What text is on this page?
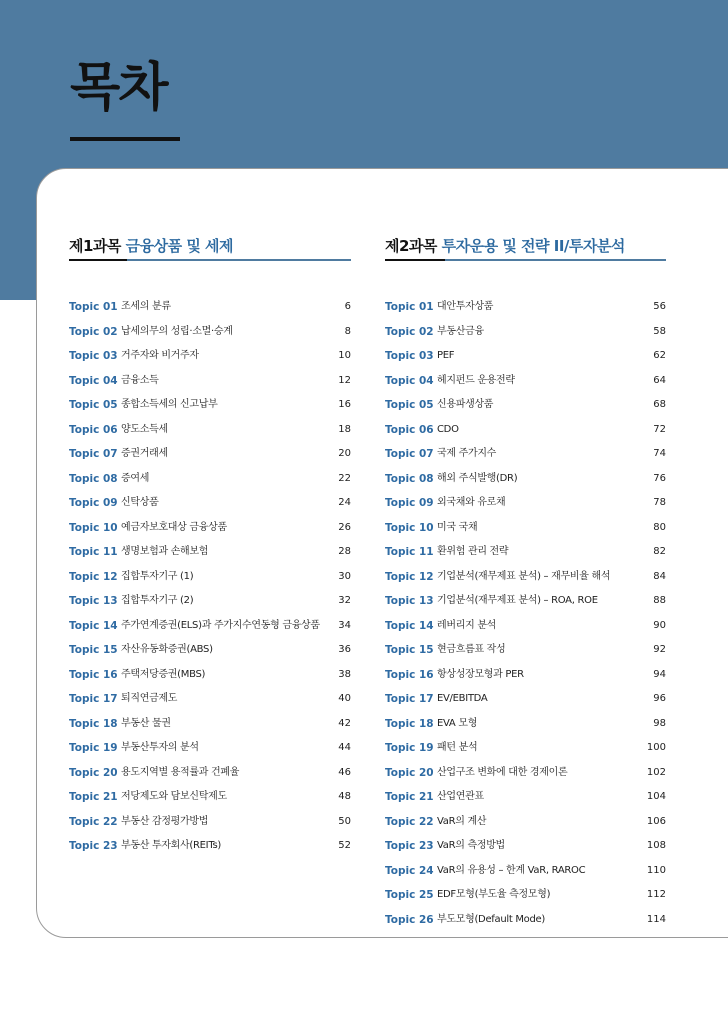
목차
제1과목 금융상품 및 세제
Topic 01 조세의 분류	6
Topic 02 납세의무의 성립·소멸·승계	8
Topic 03 거주자와 비거주자	10
Topic 04 금융소득	12
Topic 05 종합소득세의 신고납부	16
Topic 06 양도소득세	18
Topic 07 증권거래세	20
Topic 08 증여세	22
Topic 09 신탁상품	24
Topic 10 예금자보호대상 금융상품	26
Topic 11 생명보험과 손해보험	28
Topic 12 집합투자기구 (1)	30
Topic 13 집합투자기구 (2)	32
Topic 14 주가연계증권(ELS)과 주가지수연동형 금융상품 34
Topic 15 자산유동화증권(ABS)	36
Topic 16 주택저당증권(MBS)	38
Topic 17 퇴직연금제도	40
Topic 18 부동산 물권	42
Topic 19 부동산투자의 분석	44
Topic 20 용도지역별 용적률과 건폐율	46
Topic 21 저당제도와 담보신탁제도	48
Topic 22 부동산 감정평가방법	50
Topic 23 부동산 투자회사(REITs)	52
제2과목 투자운용 및 전략 II/투자분석
Topic 01 대안투자상품	56
Topic 02 부동산금융	58
Topic 03 PEF	62
Topic 04 헤지펀드 운용전략	64
Topic 05 신용파생상품	68
Topic 06 CDO	72
Topic 07 국제 주가지수	74
Topic 08 해외 주식발행(DR)	76
Topic 09 외국채와 유로채	78
Topic 10 미국 국채	80
Topic 11 환위험 관리 전략	82
Topic 12 기업분석(재무제표 분석) – 재무비율 해석	84
Topic 13 기업분석(재무제표 분석) – ROA, ROE	88
Topic 14 레버리지 분석	90
Topic 15 현금흐름표 작성	92
Topic 16 항상성장모형과 PER	94
Topic 17 EV/EBITDA	96
Topic 18 EVA 모형	98
Topic 19 패턴 분석	100
Topic 20 산업구조 변화에 대한 경제이론	102
Topic 21 산업연관표	104
Topic 22 VaR의 계산	106
Topic 23 VaR의 측정방법	108
Topic 24 VaR의 유용성 – 한계 VaR, RAROC	110
Topic 25 EDF모형(부도율 측정모형)	112
Topic 26 부도모형(Default Mode)	114
